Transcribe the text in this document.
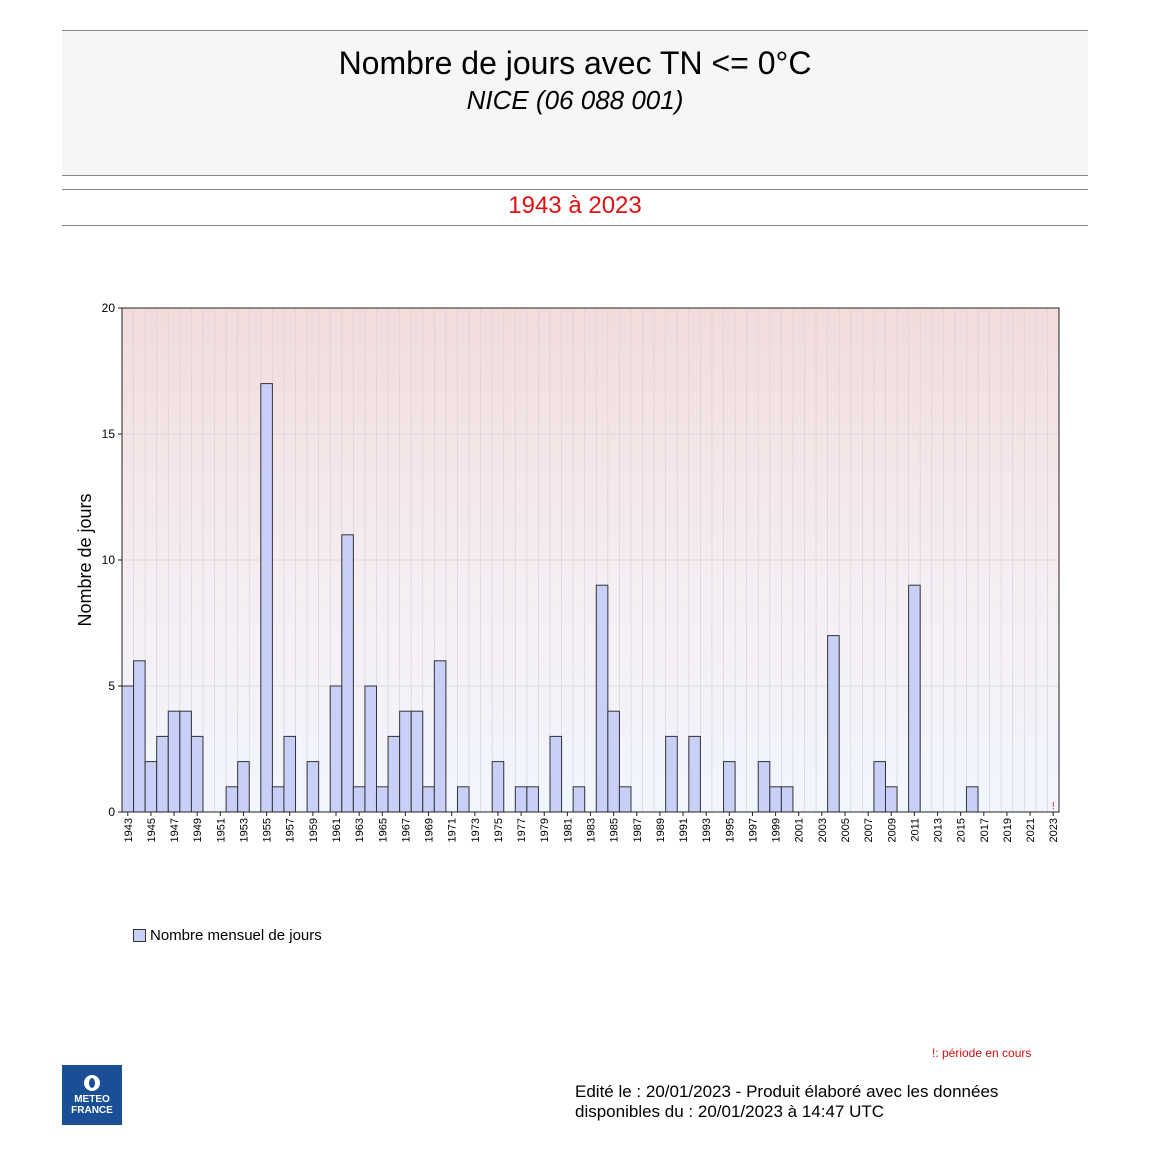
Nombre de jours avec TN <= 0°C
NICE (06 088 001)
1943 à 2023
0
5
10
15
20
1943 1945 1947 1949 1951 1953 1955 1957 1959 1961 1963 1965 1967 1969 1971 1973 1975 1977 1979 1981 1983 1985 1987 1989 1991 1993 1995 1997 1999 2001 2003 2005 2007 2009 2011 2013 2015 2017 2019 2021 2023
Nombre de jours
!
Nombre mensuel de jours
!: période en cours
METEO
FRANCE
Edité le : 20/01/2023 - Produit élaboré avec les données
disponibles du : 20/01/2023 à 14:47 UTC
